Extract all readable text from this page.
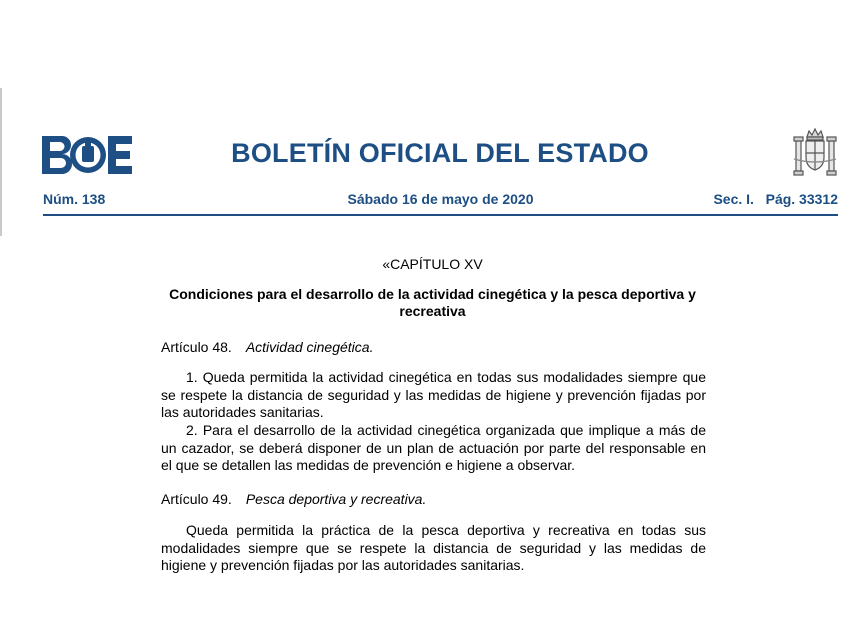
BOLETÍN OFICIAL DEL ESTADO
Núm. 138	Sábado 16 de mayo de 2020	Sec. I.   Pág. 33312
«CAPÍTULO XV
Condiciones para el desarrollo de la actividad cinegética y la pesca deportiva y recreativa
Artículo 48. Actividad cinegética.

1. Queda permitida la actividad cinegética en todas sus modalidades siempre que se respete la distancia de seguridad y las medidas de higiene y prevención fijadas por las autoridades sanitarias.

2. Para el desarrollo de la actividad cinegética organizada que implique a más de un cazador, se deberá disponer de un plan de actuación por parte del responsable en el que se detallen las medidas de prevención e higiene a observar.

Artículo 49. Pesca deportiva y recreativa.

Queda permitida la práctica de la pesca deportiva y recreativa en todas sus modalidades siempre que se respete la distancia de seguridad y las medidas de higiene y prevención fijadas por las autoridades sanitarias.
